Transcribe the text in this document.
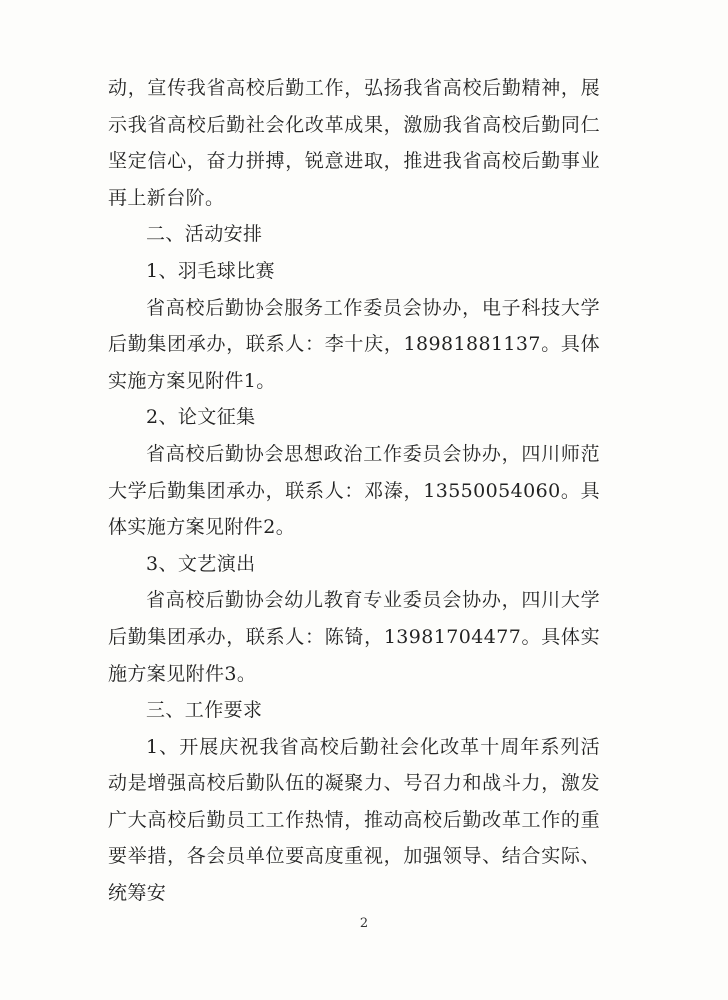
动，宣传我省高校后勤工作，弘扬我省高校后勤精神，展示我省高校后勤社会化改革成果，激励我省高校后勤同仁坚定信心，奋力拼搏，锐意进取，推进我省高校后勤事业再上新台阶。

二、活动安排

1、羽毛球比赛

省高校后勤协会服务工作委员会协办，电子科技大学后勤集团承办，联系人：李十庆，18981881137。具体实施方案见附件1。

2、论文征集

省高校后勤协会思想政治工作委员会协办，四川师范大学后勤集团承办，联系人：邓溱，13550054060。具体实施方案见附件2。

3、文艺演出

省高校后勤协会幼儿教育专业委员会协办，四川大学后勤集团承办，联系人：陈锜，13981704477。具体实施方案见附件3。

三、工作要求

1、开展庆祝我省高校后勤社会化改革十周年系列活动是增强高校后勤队伍的凝聚力、号召力和战斗力，激发广大高校后勤员工工作热情，推动高校后勤改革工作的重要举措，各会员单位要高度重视，加强领导、结合实际、统筹安

2
